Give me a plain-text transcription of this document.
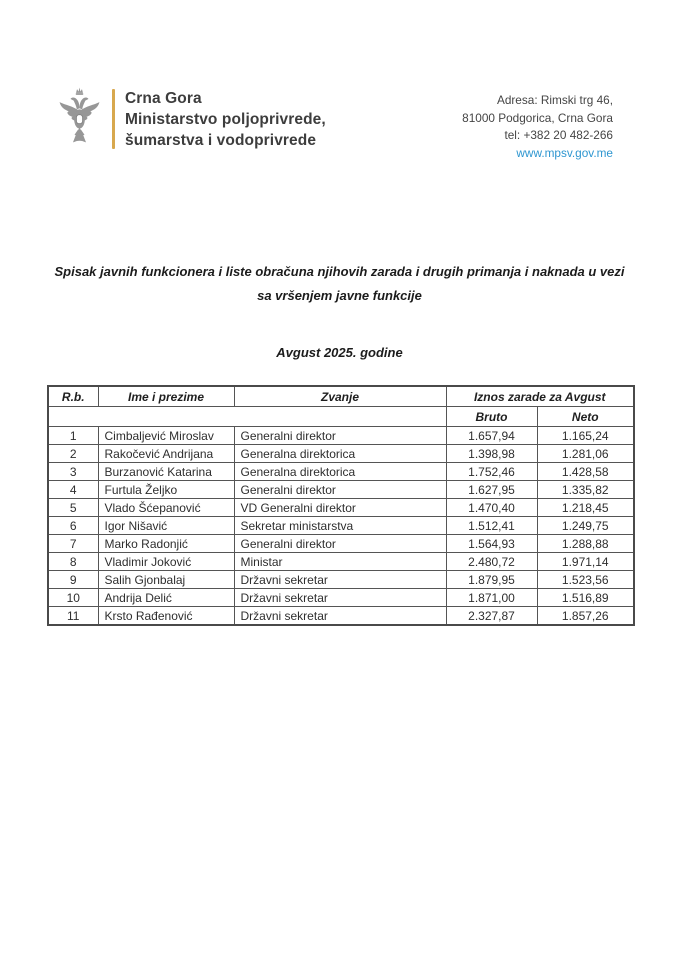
Crna Gora
Ministarstvo poljoprivrede,
šumarstva i vodoprivrede
Adresa: Rimski trg 46,
81000 Podgorica, Crna Gora
tel: +382 20 482-266
www.mpsv.gov.me
Spisak javnih funkcionera i liste obračuna njihovih zarada i drugih primanja i naknada u vezi
sa vršenjem javne funkcije
Avgust 2025. godine
R.b.	Ime i prezime	Zvanje	Iznos zarade za Avgust	
			Bruto	Neto
1	Cimbaljević Miroslav	Generalni direktor	1.657,94	1.165,24
2	Rakočević Andrijana	Generalna direktorica	1.398,98	1.281,06
3	Burzanović Katarina	Generalna direktorica	1.752,46	1.428,58
4	Furtula Željko	Generalni direktor	1.627,95	1.335,82
5	Vlado Šćepanović	VD Generalni direktor	1.470,40	1.218,45
6	Igor Nišavić	Sekretar ministarstva	1.512,41	1.249,75
7	Marko Radonjić	Generalni direktor	1.564,93	1.288,88
8	Vladimir Joković	Ministar	2.480,72	1.971,14
9	Salih Gjonbalaj	Državni sekretar	1.879,95	1.523,56
10	Andrija Delić	Državni sekretar	1.871,00	1.516,89
11	Krsto Rađenović	Državni sekretar	2.327,87	1.857,26
